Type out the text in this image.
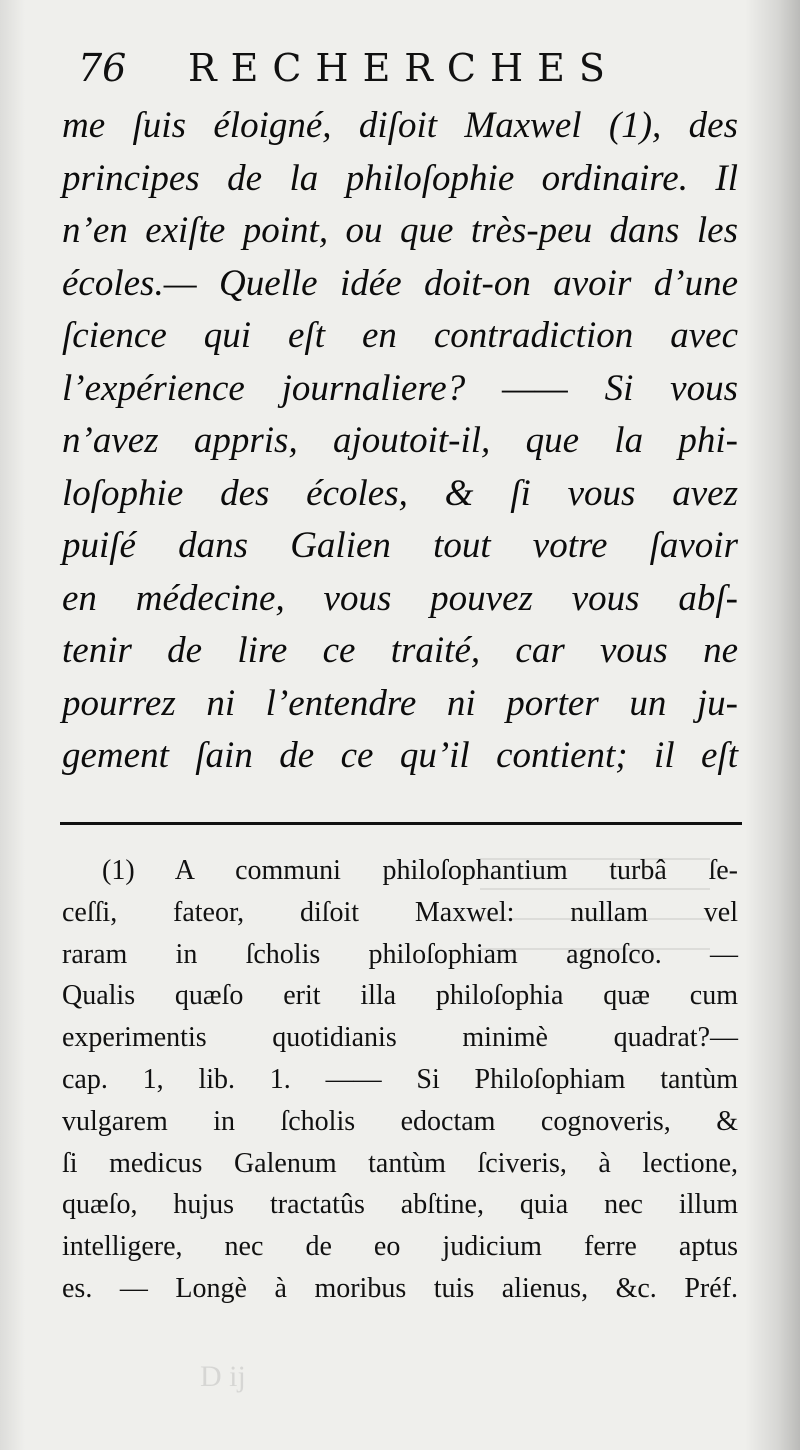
76 RECHERCHES
me ſuis éloigné, diſoit Maxwel (1), des
principes de la philoſophie ordinaire. Il
n’en exiſte point, ou que très-peu dans les
écoles.— Quelle idée doit-on avoir d’une
ſcience qui eſt en contradiction avec
l’expérience journaliere? —— Si vous
n’avez appris, ajoutoit-il, que la phi-
loſophie des écoles, & ſi vous avez
puiſé dans Galien tout votre ſavoir
en médecine, vous pouvez vous abſ-
tenir de lire ce traité, car vous ne
pourrez ni l’entendre ni porter un ju-
gement ſain de ce qu’il contient; il eſt
(1) A communi philoſophantium turbâ ſe-
ceſſi, fateor, diſoit Maxwel: nullam vel
raram in ſcholis philoſophiam agnoſco. —
Qualis quæſo erit illa philoſophia quæ cum
experimentis quotidianis minimè quadrat?—
cap. 1, lib. 1. —— Si Philoſophiam tantùm
vulgarem in ſcholis edoctam cognoveris, &
ſi medicus Galenum tantùm ſciveris, à lectione,
quæſo, hujus tractatûs abſtine, quia nec illum
intelligere, nec de eo judicium ferre aptus
es. — Longè à moribus tuis alienus, &c. Préf.
D ij
